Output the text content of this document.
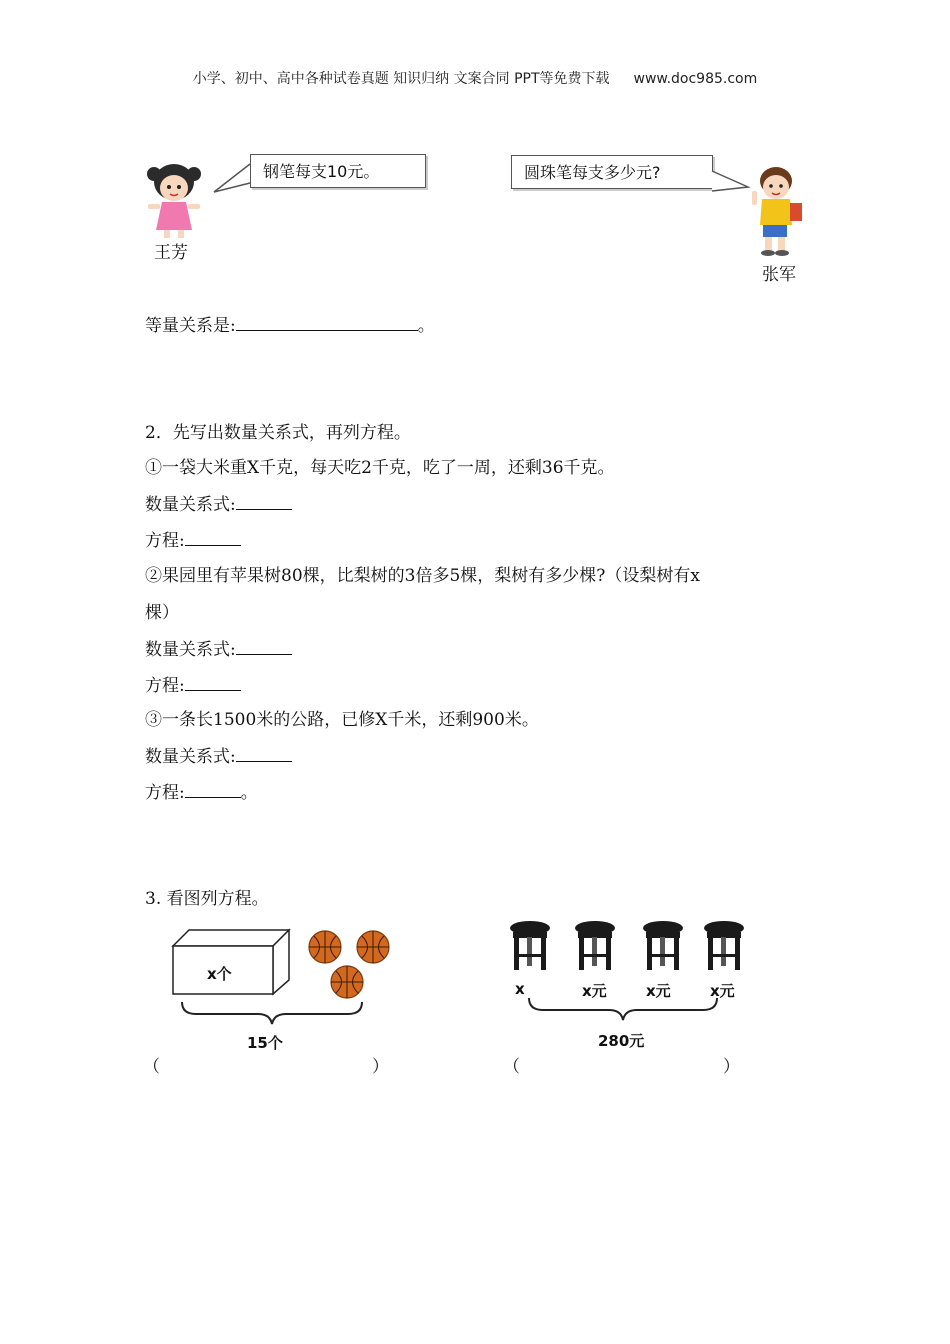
小学、初中、高中各种试卷真题 知识归纳 文案合同 PPT等免费下载 www.doc985.com
王芳
钢笔每支10元。	圆珠笔每支多少元?
张军
等量关系是:	。
2．先写出数量关系式，再列方程。
①一袋大米重X千克，每天吃2千克，吃了一周，还剩36千克。
数量关系式:
方程:
②果园里有苹果树80棵，比梨树的3倍多5棵，梨树有多少棵?（设梨树有x
棵）
数量关系式:
方程:
③一条长1500米的公路，已修X千米，还剩900米。
数量关系式:
方程:	。
3. 看图列方程。
x个
15个
（	）
x	x元	x元	x元
280元
（	）
